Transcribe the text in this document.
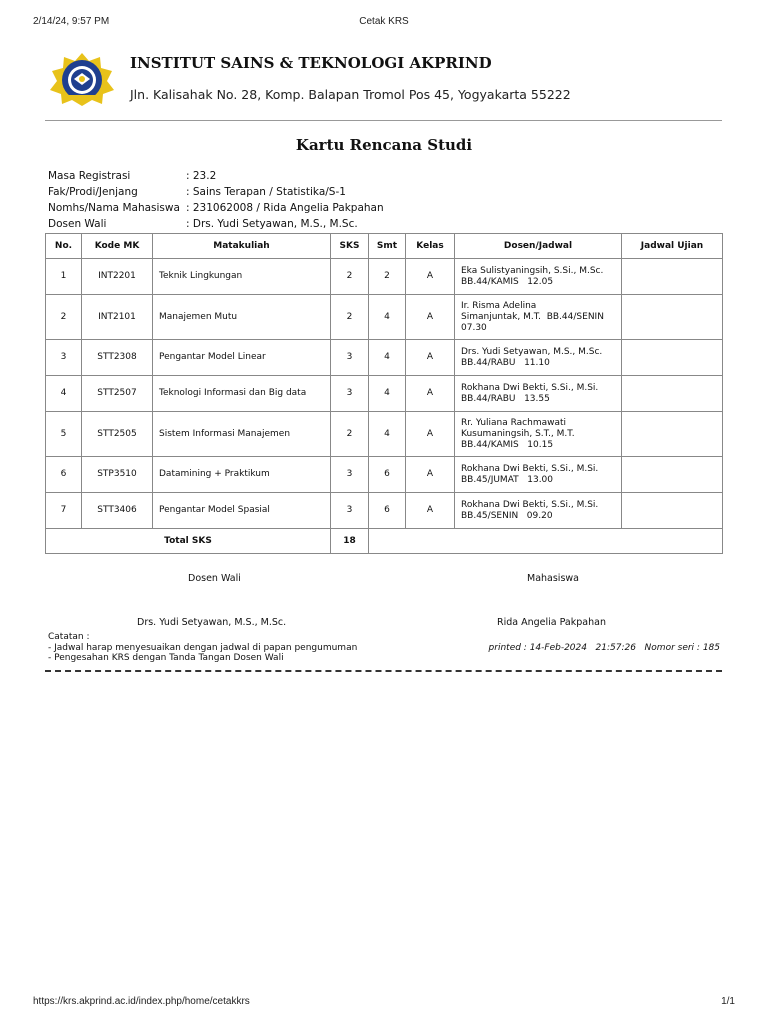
2/14/24, 9:57 PM	Cetak KRS
INSTITUT SAINS & TEKNOLOGI AKPRIND
Jln. Kalisahak No. 28, Komp. Balapan Tromol Pos 45, Yogyakarta 55222
Kartu Rencana Studi
Masa Registrasi	: 23.2
Fak/Prodi/Jenjang	: Sains Terapan / Statistika/S-1
Nomhs/Nama Mahasiswa : 231062008 / Rida Angelia Pakpahan
Dosen Wali	: Drs. Yudi Setyawan, M.S., M.Sc.
No.	Kode MK	Matakuliah	SKS	Smt	Kelas	Dosen/Jadwal	Jadwal Ujian
1	INT2201	Teknik Lingkungan	2	2	A	Eka Sulistyaningsih, S.Si., M.Sc.
BB.44/KAMIS   12.05	

2	INT2101	Manajemen Mutu	2	4	A	Ir. Risma Adelina
Simanjuntak, M.T.  BB.44/SENIN
07.30	

3	STT2308	Pengantar Model Linear	3	4	A	Drs. Yudi Setyawan, M.S., M.Sc.
BB.44/RABU   11.10	

4	STT2507	Teknologi Informasi dan Big data	3	4	A	Rokhana Dwi Bekti, S.Si., M.Si.
BB.44/RABU   13.55	

5	STT2505	Sistem Informasi Manajemen	2	4	A	Rr. Yuliana Rachmawati
Kusumaningsih, S.T., M.T.
BB.44/KAMIS   10.15	

6	STP3510	Datamining + Praktikum	3	6	A	Rokhana Dwi Bekti, S.Si., M.Si.
BB.45/JUMAT   13.00	

7	STT3406	Pengantar Model Spasial	3	6	A	Rokhana Dwi Bekti, S.Si., M.Si.
BB.45/SENIN   09.20	

Total SKS			18				
Dosen Wali	Mahasiswa
Drs. Yudi Setyawan, M.S., M.Sc.	Rida Angelia Pakpahan
Catatan :
- Jadwal harap menyesuaikan dengan jadwal di papan pengumuman
- Pengesahan KRS dengan Tanda Tangan Dosen Wali
printed : 14-Feb-2024   21:57:26   Nomor seri : 185
https://krs.akprind.ac.id/index.php/home/cetakkrs	1/1
